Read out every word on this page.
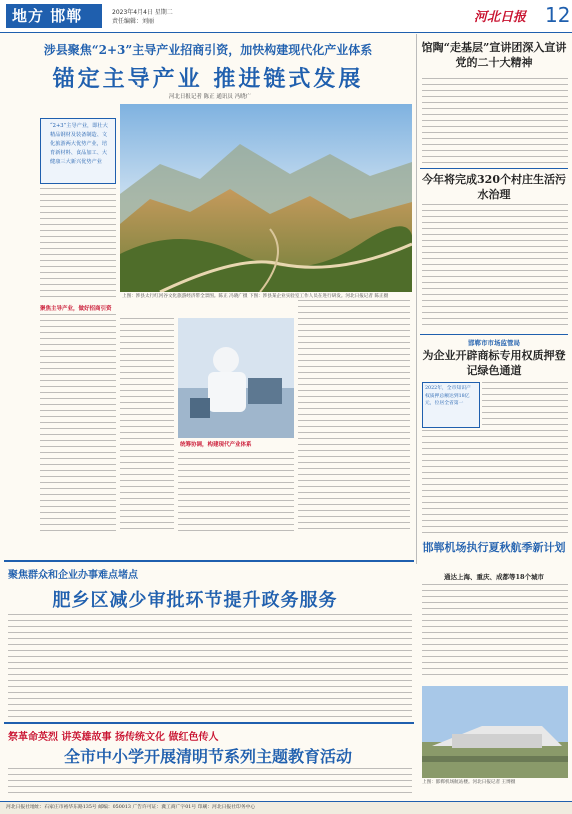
地方 邯郸	2023年4月4日 星期二
责任编辑：刘丽	河北日报 12
涉县聚焦“2+3”主导产业招商引资，加快构建现代化产业体系
锚定主导产业 推进链式发展
河北日报记者 陈正 通讯员 冯晓广
“2+3”主导产业，即壮大精品钢材及装备制造、文化旅游两大优势产业，培育新材料、食品加工、大健康三大新兴优势产业
聚焦主导产业，做好招商引资
上图：涉县太行红河谷文化旅游经济带全景图。陈正 冯晓广摄 下图：涉县某企业实验室工作人员在进行研发。河北日报记者 陈正摄
统筹协调，构建现代产业体系
馆陶“走基层”宣讲团深入宣讲党的二十大精神
今年将完成320个村庄生活污水治理
邯郸市市场监管局
为企业开辟商标专用权质押登记绿色通道
2022年，全市知识产权质押总额达到18亿元，位居全省第一
邯郸机场执行夏秋航季新计划
通达上海、重庆、成都等18个城市
上图：邯郸机场航站楼。河北日报记者 王博摄
聚焦群众和企业办事难点堵点
肥乡区减少审批环节提升政务服务
祭革命英烈 讲英雄故事 扬传统文化 做红色传人
全市中小学开展清明节系列主题教育活动
河北日报社地址：石家庄市裕华东路135号 邮编：050013 广告许可证：冀工商广字01号 印刷：河北日报社印务中心
